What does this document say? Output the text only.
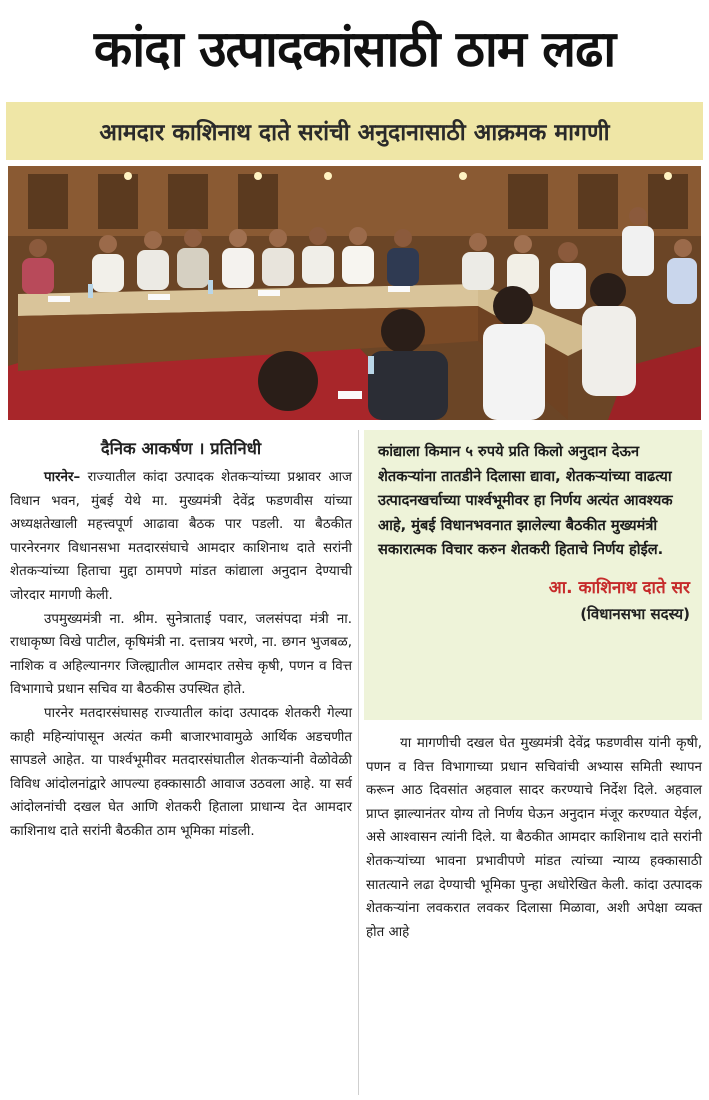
कांदा उत्पादकांसाठी ठाम लढा
आमदार काशिनाथ दाते सरांची अनुदानासाठी आक्रमक मागणी
दैनिक आकर्षण । प्रतिनिधी

पारनेर– राज्यातील कांदा उत्पादक शेतकऱ्यांच्या प्रश्नावर आज विधान भवन, मुंबई येथे मा. मुख्यमंत्री देवेंद्र फडणवीस यांच्या अध्यक्षतेखाली महत्त्वपूर्ण आढावा बैठक पार पडली. या बैठकीत पारनेरनगर विधानसभा मतदारसंघाचे आमदार काशिनाथ दाते सरांनी शेतकऱ्यांच्या हिताचा मुद्दा ठामपणे मांडत कांद्याला अनुदान देण्याची जोरदार मागणी केली.

उपमुख्यमंत्री ना. श्रीम. सुनेत्राताई पवार, जलसंपदा मंत्री ना. राधाकृष्ण विखे पाटील, कृषिमंत्री ना. दत्तात्रय भरणे, ना. छगन भुजबळ, नाशिक व अहिल्यानगर जिल्ह्यातील आमदार तसेच कृषी, पणन व वित्त विभागाचे प्रधान सचिव या बैठकीस उपस्थित होते.

पारनेर मतदारसंघासह राज्यातील कांदा उत्पादक शेतकरी गेल्या काही महिन्यांपासून अत्यंत कमी बाजारभावामुळे आर्थिक अडचणीत सापडले आहेत. या पार्श्वभूमीवर मतदारसंघातील शेतकऱ्यांनी वेळोवेळी विविध आंदोलनांद्वारे आपल्या हक्कासाठी आवाज उठवला आहे. या सर्व आंदोलनांची दखल घेत आणि शेतकरी हिताला प्राधान्य देत आमदार काशिनाथ दाते सरांनी बैठकीत ठाम भूमिका मांडली.

कांद्याला किमान ५ रुपये प्रति किलो अनुदान देऊन शेतकऱ्यांना तातडीने दिलासा द्यावा, शेतकऱ्यांच्या वाढत्या उत्पादनखर्चाच्या पार्श्वभूमीवर हा निर्णय अत्यंत आवश्यक आहे, मुंबई विधानभवनात झालेल्या बैठकीत मुख्यमंत्री सकारात्मक विचार करुन शेतकरी हिताचे निर्णय होईल.
आ. काशिनाथ दाते सर
(विधानसभा सदस्य)

या मागणीची दखल घेत मुख्यमंत्री देवेंद्र फडणवीस यांनी कृषी, पणन व वित्त विभागाच्या प्रधान सचिवांची अभ्यास समिती स्थापन करून आठ दिवसांत अहवाल सादर करण्याचे निर्देश दिले. अहवाल प्राप्त झाल्यानंतर योग्य तो निर्णय घेऊन अनुदान मंजूर करण्यात येईल, असे आश्वासन त्यांनी दिले. या बैठकीत आमदार काशिनाथ दाते सरांनी शेतकऱ्यांच्या भावना प्रभावीपणे मांडत त्यांच्या न्याय्य हक्कासाठी सातत्याने लढा देण्याची भूमिका पुन्हा अधोरेखित केली. कांदा उत्पादक शेतकऱ्यांना लवकरात लवकर दिलासा मिळावा, अशी अपेक्षा व्यक्त होत आहे
